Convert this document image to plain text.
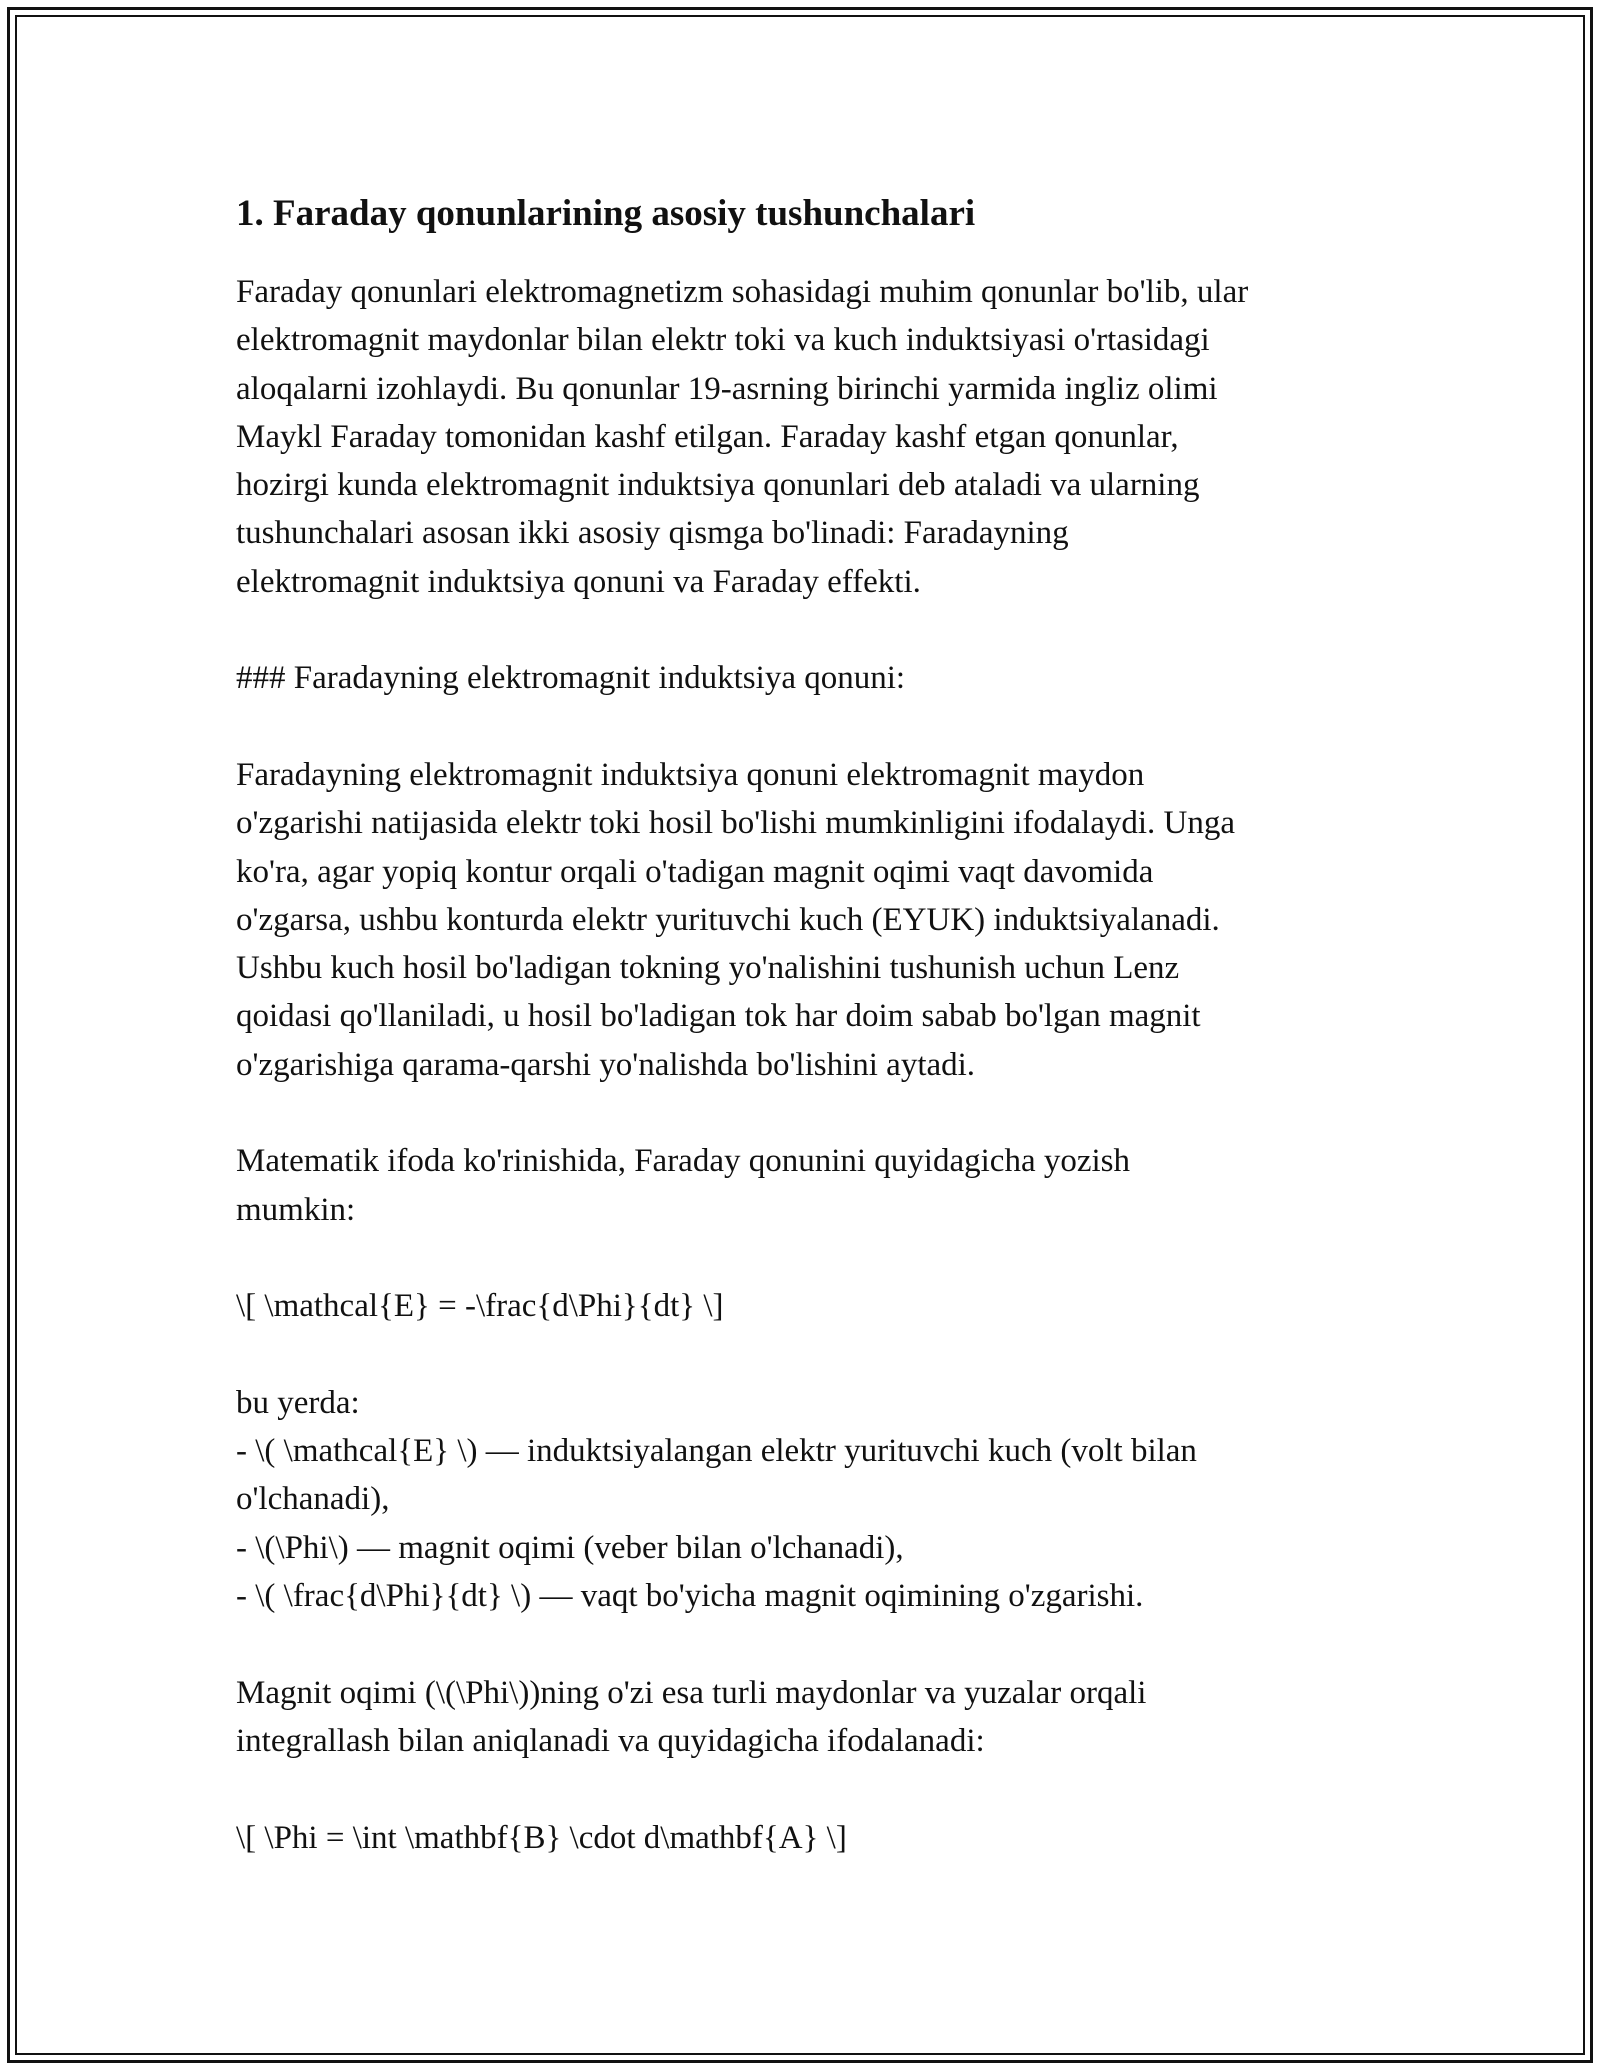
1. Faraday qonunlarining asosiy tushunchalari
Faraday qonunlari elektromagnetizm sohasidagi muhim qonunlar bo'lib, ular
elektromagnit maydonlar bilan elektr toki va kuch induktsiyasi o'rtasidagi
aloqalarni izohlaydi. Bu qonunlar 19-asrning birinchi yarmida ingliz olimi
Maykl Faraday tomonidan kashf etilgan. Faraday kashf etgan qonunlar,
hozirgi kunda elektromagnit induktsiya qonunlari deb ataladi va ularning
tushunchalari asosan ikki asosiy qismga bo'linadi: Faradayning
elektromagnit induktsiya qonuni va Faraday effekti.

### Faradayning elektromagnit induktsiya qonuni:

Faradayning elektromagnit induktsiya qonuni elektromagnit maydon
o'zgarishi natijasida elektr toki hosil bo'lishi mumkinligini ifodalaydi. Unga
ko'ra, agar yopiq kontur orqali o'tadigan magnit oqimi vaqt davomida
o'zgarsa, ushbu konturda elektr yurituvchi kuch (EYUK) induktsiyalanadi.
Ushbu kuch hosil bo'ladigan tokning yo'nalishini tushunish uchun Lenz
qoidasi qo'llaniladi, u hosil bo'ladigan tok har doim sabab bo'lgan magnit
o'zgarishiga qarama-qarshi yo'nalishda bo'lishini aytadi.

Matematik ifoda ko'rinishida, Faraday qonunini quyidagicha yozish
mumkin:

\[ \mathcal{E} = -\frac{d\Phi}{dt} \]

bu yerda:
- \( \mathcal{E} \) — induktsiyalangan elektr yurituvchi kuch (volt bilan
o'lchanadi),
- \(\Phi\) — magnit oqimi (veber bilan o'lchanadi),
- \( \frac{d\Phi}{dt} \) — vaqt bo'yicha magnit oqimining o'zgarishi.

Magnit oqimi (\(\Phi\))ning o'zi esa turli maydonlar va yuzalar orqali
integrallash bilan aniqlanadi va quyidagicha ifodalanadi:

\[ \Phi = \int \mathbf{B} \cdot d\mathbf{A} \]
